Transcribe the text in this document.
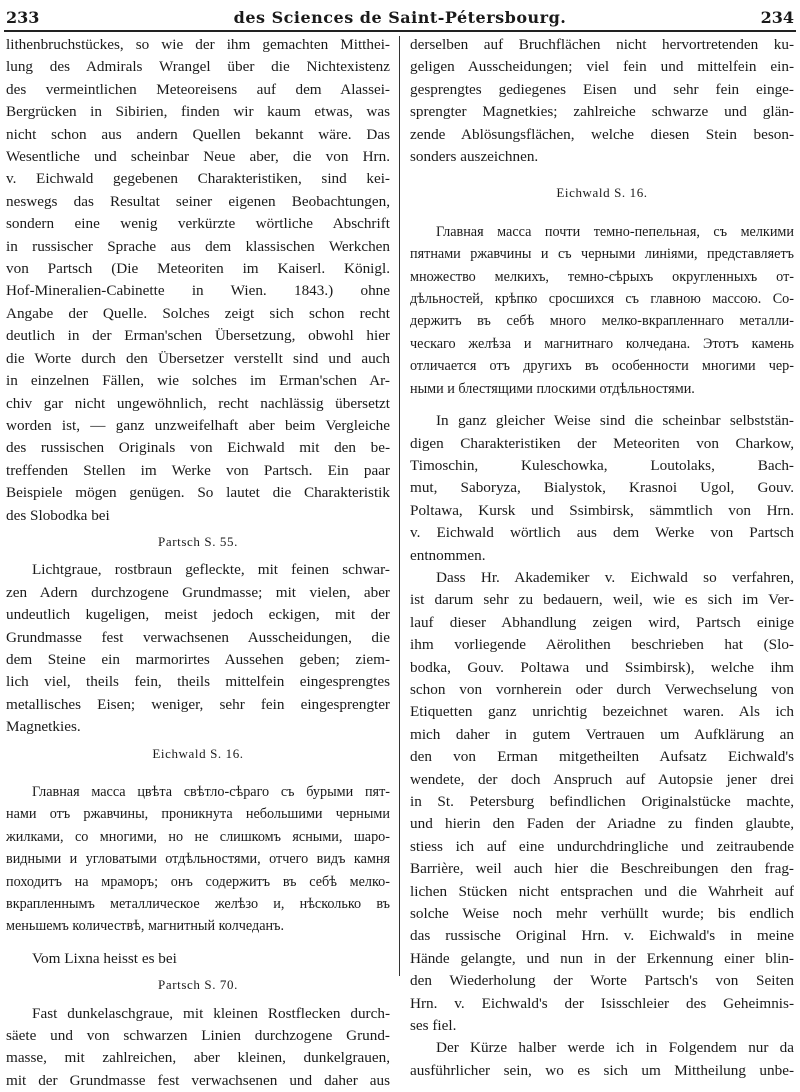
233	des Sciences de Saint-Pétersbourg.	234
lithenbruchstückes, so wie der ihm gemachten Mitthei-
lung des Admirals Wrangel über die Nichtexistenz
des vermeintlichen Meteoreisens auf dem Alassei-
Bergrücken in Sibirien, finden wir kaum etwas, was
nicht schon aus andern Quellen bekannt wäre. Das
Wesentliche und scheinbar Neue aber, die von Hrn.
v. Eichwald gegebenen Charakteristiken, sind kei-
neswegs das Resultat seiner eigenen Beobachtungen,
sondern eine wenig verkürzte wörtliche Abschrift
in russischer Sprache aus dem klassischen Werkchen
von Partsch (Die Meteoriten im Kaiserl. Königl.
Hof-Mineralien-Cabinette in Wien. 1843.) ohne
Angabe der Quelle. Solches zeigt sich schon recht
deutlich in der Erman'schen Übersetzung, obwohl hier
die Worte durch den Übersetzer verstellt sind und auch
in einzelnen Fällen, wie solches im Erman'schen Ar-
chiv gar nicht ungewöhnlich, recht nachlässig übersetzt
worden ist, — ganz unzweifelhaft aber beim Vergleiche
des russischen Originals von Eichwald mit den be-
treffenden Stellen im Werke von Partsch. Ein paar
Beispiele mögen genügen. So lautet die Charakteristik
des Slobodka bei
Partsch S. 55.
Lichtgraue, rostbraun gefleckte, mit feinen schwar-
zen Adern durchzogene Grundmasse; mit vielen, aber
undeutlich kugeligen, meist jedoch eckigen, mit der
Grundmasse fest verwachsenen Ausscheidungen, die
dem Steine ein marmorirtes Aussehen geben; ziem-
lich viel, theils fein, theils mittelfein eingesprengtes
metallisches Eisen; weniger, sehr fein eingesprengter
Magnetkies.
Eichwald S. 16.
Главная масса цвѣта свѣтло-сѣраго съ бурыми пят-
нами отъ ржавчины, проникнута небольшими черными
жилками, со многими, но не слишкомъ ясными, шаро-
видными и угловатыми отдѣльностями, отчего видъ камня
походитъ на мраморъ; онъ содержитъ въ себѣ мелко-
вкрапленнымъ металлическое желѣзо и, нѣсколько въ
меньшемъ количествѣ, магнитный колчеданъ.
Vom Lixna heisst es bei
Partsch S. 70.
Fast dunkelaschgraue, mit kleinen Rostflecken durch-
säete und von schwarzen Linien durchzogene Grund-
masse, mit zahlreichen, aber kleinen, dunkelgrauen,
mit der Grundmasse fest verwachsenen und daher aus
derselben auf Bruchflächen nicht hervortretenden ku-
geligen Ausscheidungen; viel fein und mittelfein ein-
gesprengtes gediegenes Eisen und sehr fein einge-
sprengter Magnetkies; zahlreiche schwarze und glän-
zende Ablösungsflächen, welche diesen Stein beson-
sonders auszeichnen.
Eichwald S. 16.
Главная масса почти темно-пепельная, съ мелкими
пятнами ржавчины и съ черными линіями, представляетъ
множество мелкихъ, темно-сѣрыхъ округленныхъ от-
дѣльностей, крѣпко сросшихся съ главною массою. Со-
держитъ въ себѣ много мелко-вкрапленнаго металли-
ческаго желѣза и магнитнаго колчедана. Этотъ камень
отличается отъ другихъ въ особенности многими чер-
ными и блестящими плоскими отдѣльностями.
In ganz gleicher Weise sind die scheinbar selbststän-
digen Charakteristiken der Meteoriten von Charkow,
Timoschin, Kuleschowka, Loutolaks, Bach-
mut, Saboryza, Bialystok, Krasnoi Ugol, Gouv.
Poltawa, Kursk und Ssimbirsk, sämmtlich von Hrn.
v. Eichwald wörtlich aus dem Werke von Partsch
entnommen.
Dass Hr. Akademiker v. Eichwald so verfahren,
ist darum sehr zu bedauern, weil, wie es sich im Ver-
lauf dieser Abhandlung zeigen wird, Partsch einige
ihm vorliegende Aërolithen beschrieben hat (Slo-
bodka, Gouv. Poltawa und Ssimbirsk), welche ihm
schon von vornherein oder durch Verwechselung von
Etiquetten ganz unrichtig bezeichnet waren. Als ich
mich daher in gutem Vertrauen um Aufklärung an
den von Erman mitgetheilten Aufsatz Eichwald's
wendete, der doch Anspruch auf Autopsie jener drei
in St. Petersburg befindlichen Originalstücke machte,
und hierin den Faden der Ariadne zu finden glaubte,
stiess ich auf eine undurchdringliche und zeitraubende
Barrière, weil auch hier die Beschreibungen den frag-
lichen Stücken nicht entsprachen und die Wahrheit auf
solche Weise noch mehr verhüllt wurde; bis endlich
das russische Original Hrn. v. Eichwald's in meine
Hände gelangte, und nun in der Erkennung einer blin-
den Wiederholung der Worte Partsch's von Seiten
Hrn. v. Eichwald's der Isisschleier des Geheimnis-
ses fiel.
Der Kürze halber werde ich in Folgendem nur da
ausführlicher sein, wo es sich um Mittheilung unbe-
